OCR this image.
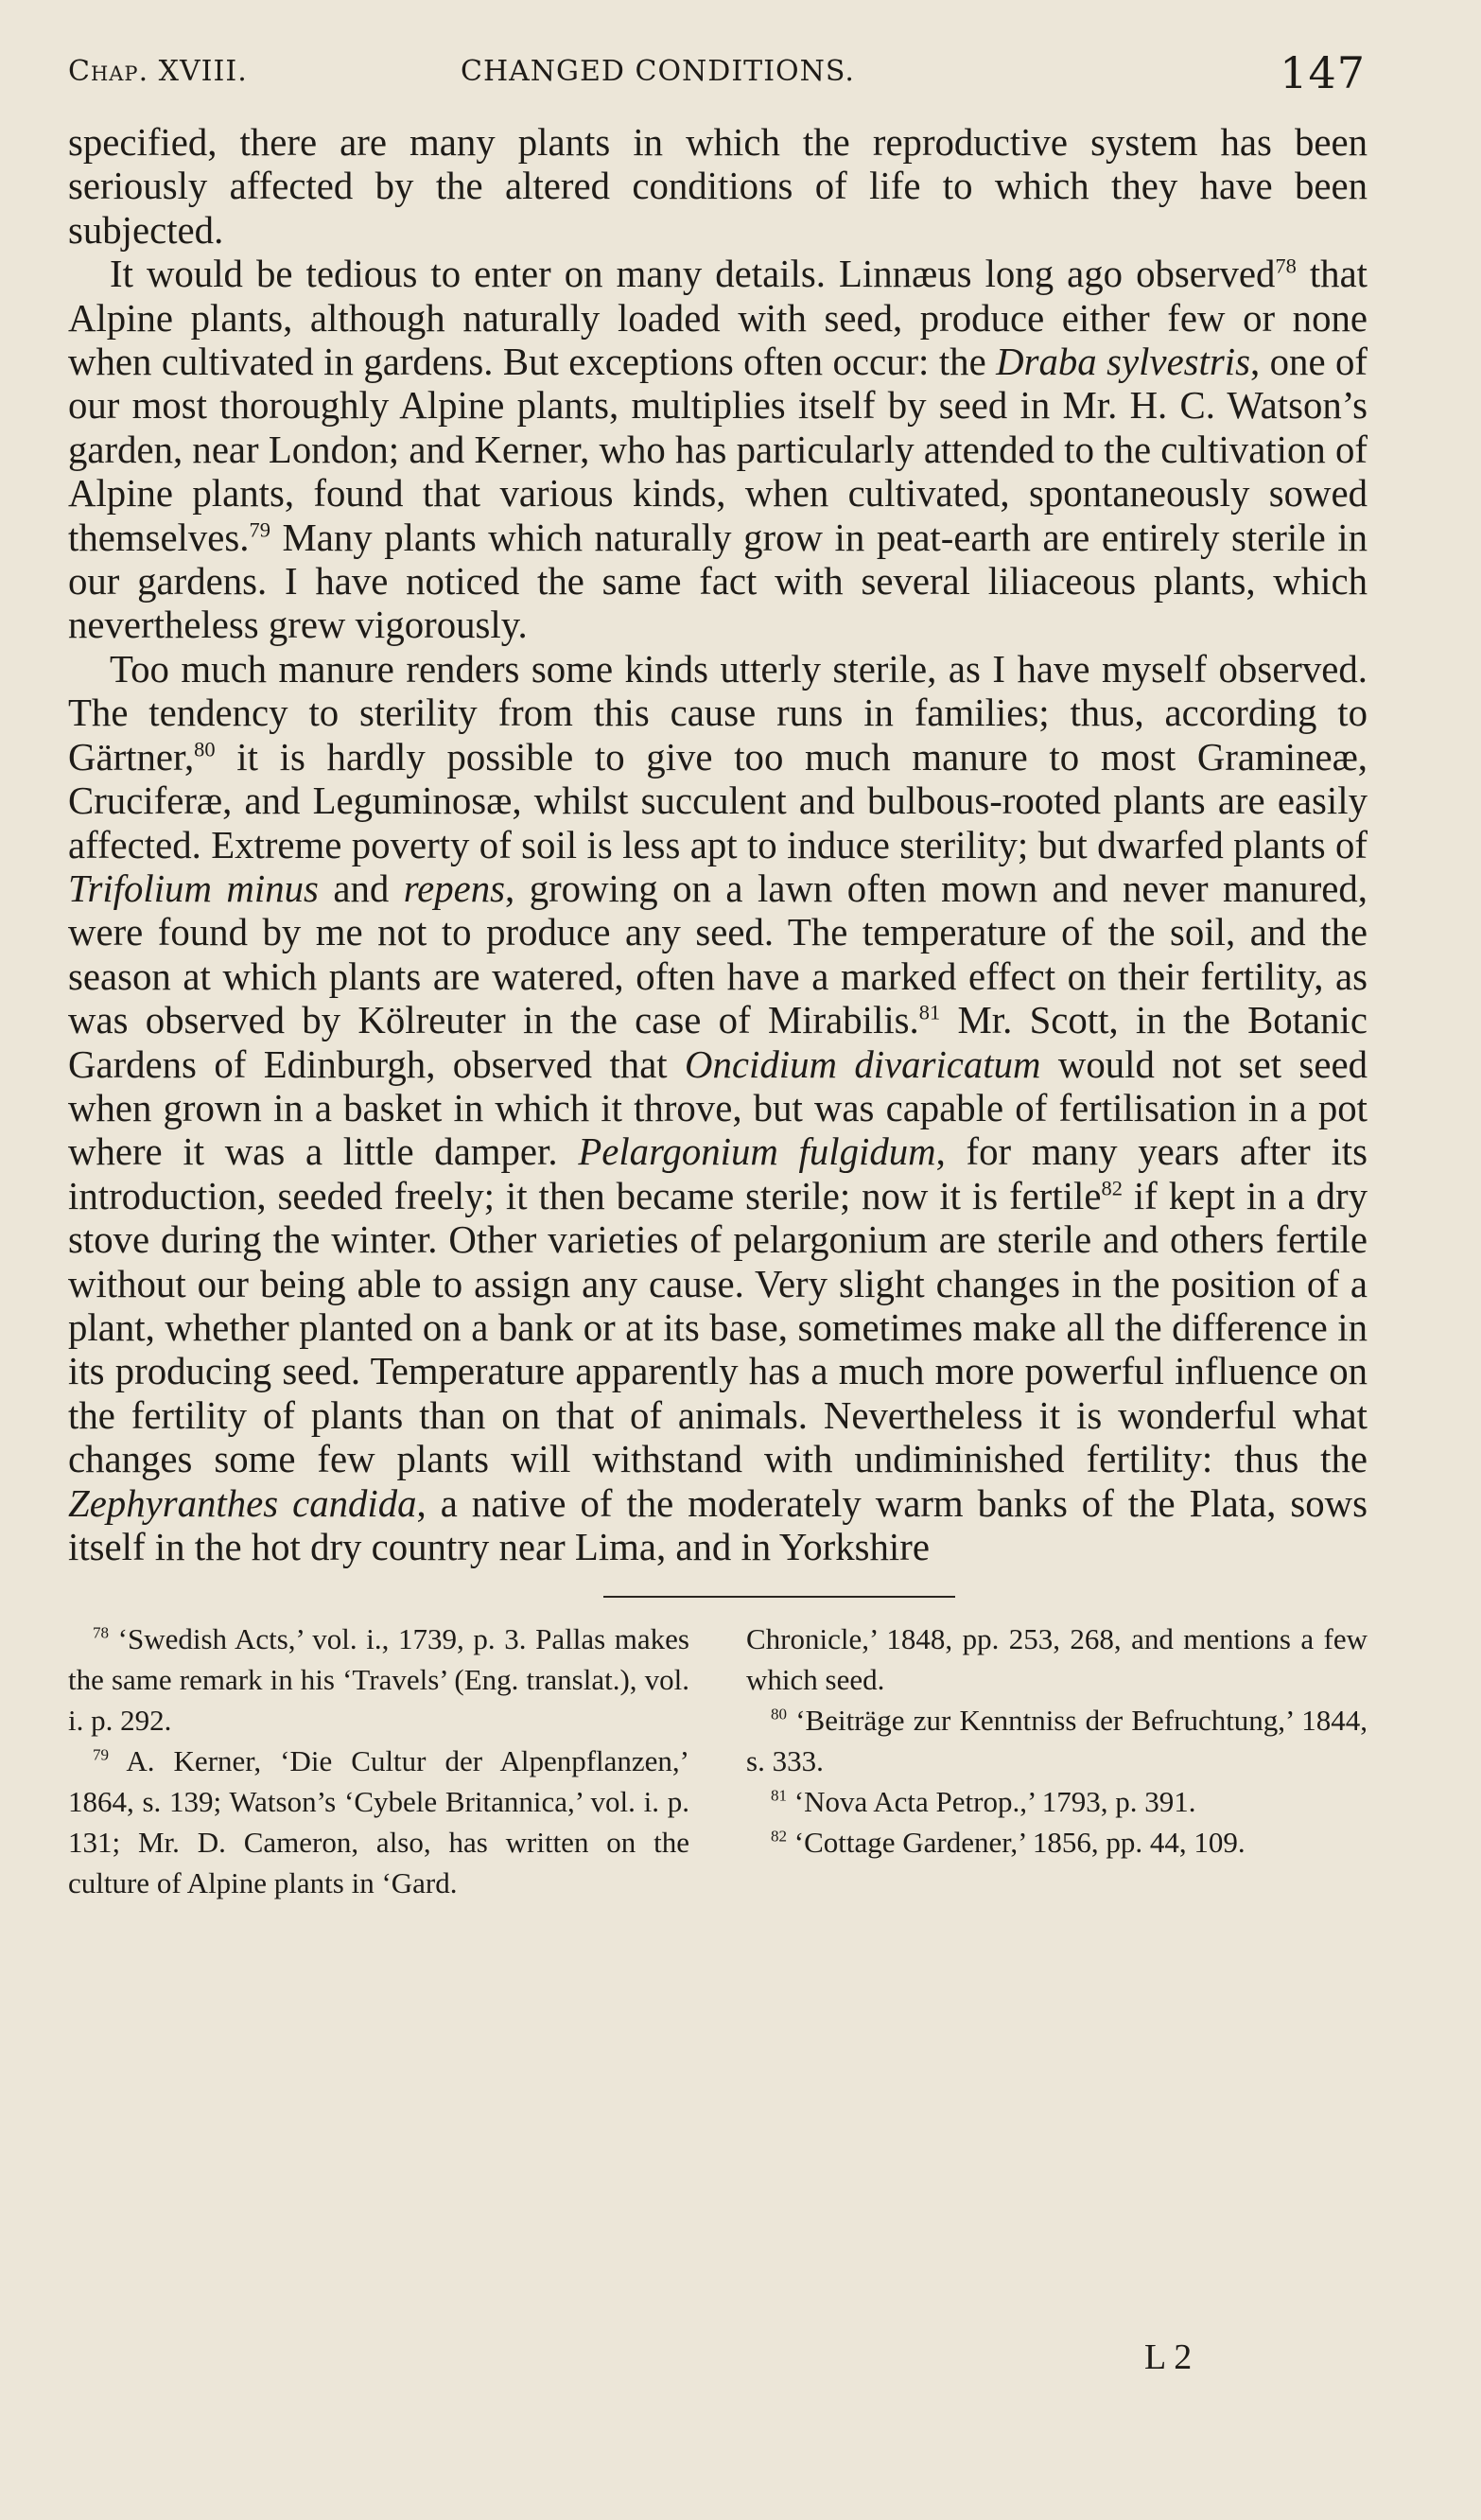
Chap. XVIII.	CHANGED CONDITIONS.	147

specified, there are many plants in which the reproductive system has been seriously affected by the altered conditions of life to which they have been subjected.

It would be tedious to enter on many details. Linnæus long ago observed$^{78}$ that Alpine plants, although naturally loaded with seed, produce either few or none when cultivated in gardens. But exceptions often occur: the Draba sylvestris, one of our most thoroughly Alpine plants, multiplies itself by seed in Mr. H. C. Watson’s garden, near London; and Kerner, who has particularly attended to the cultivation of Alpine plants, found that various kinds, when cultivated, spontaneously sowed themselves.$^{79}$ Many plants which naturally grow in peat-earth are entirely sterile in our gardens. I have noticed the same fact with several liliaceous plants, which nevertheless grew vigorously.

Too much manure renders some kinds utterly sterile, as I have myself observed. The tendency to sterility from this cause runs in families; thus, according to Gärtner,$^{80}$ it is hardly possible to give too much manure to most Gramineæ, Cruciferæ, and Leguminosæ, whilst succulent and bulbous-rooted plants are easily affected. Extreme poverty of soil is less apt to induce sterility; but dwarfed plants of Trifolium minus and repens, growing on a lawn often mown and never manured, were found by me not to produce any seed. The temperature of the soil, and the season at which plants are watered, often have a marked effect on their fertility, as was observed by Kölreuter in the case of Mirabilis.$^{81}$ Mr. Scott, in the Botanic Gardens of Edinburgh, observed that Oncidium divaricatum would not set seed when grown in a basket in which it throve, but was capable of fertilisation in a pot where it was a little damper. Pelargonium fulgidum, for many years after its introduction, seeded freely; it then became sterile; now it is fertile$^{82}$ if kept in a dry stove during the winter. Other varieties of pelargonium are sterile and others fertile without our being able to assign any cause. Very slight changes in the position of a plant, whether planted on a bank or at its base, sometimes make all the difference in its producing seed. Temperature apparently has a much more powerful influence on the fertility of plants than on that of animals. Nevertheless it is wonderful what changes some few plants will withstand with undiminished fertility: thus the Zephyranthes candida, a native of the moderately warm banks of the Plata, sows itself in the hot dry country near Lima, and in Yorkshire

$^{78}$ ‘Swedish Acts,’ vol. i., 1739, p. 3. Pallas makes the same remark in his ‘Travels’ (Eng. translat.), vol. i. p. 292.

$^{79}$ A. Kerner, ‘Die Cultur der Alpenpflanzen,’ 1864, s. 139; Watson’s ‘Cybele Britannica,’ vol. i. p. 131; Mr. D. Cameron, also, has written on the culture of Alpine plants in ‘Gard.

Chronicle,’ 1848, pp. 253, 268, and mentions a few which seed.

$^{80}$ ‘Beiträge zur Kenntniss der Befruchtung,’ 1844, s. 333.

$^{81}$ ‘Nova Acta Petrop.,’ 1793, p. 391.

$^{82}$ ‘Cottage Gardener,’ 1856, pp. 44, 109.

L 2
